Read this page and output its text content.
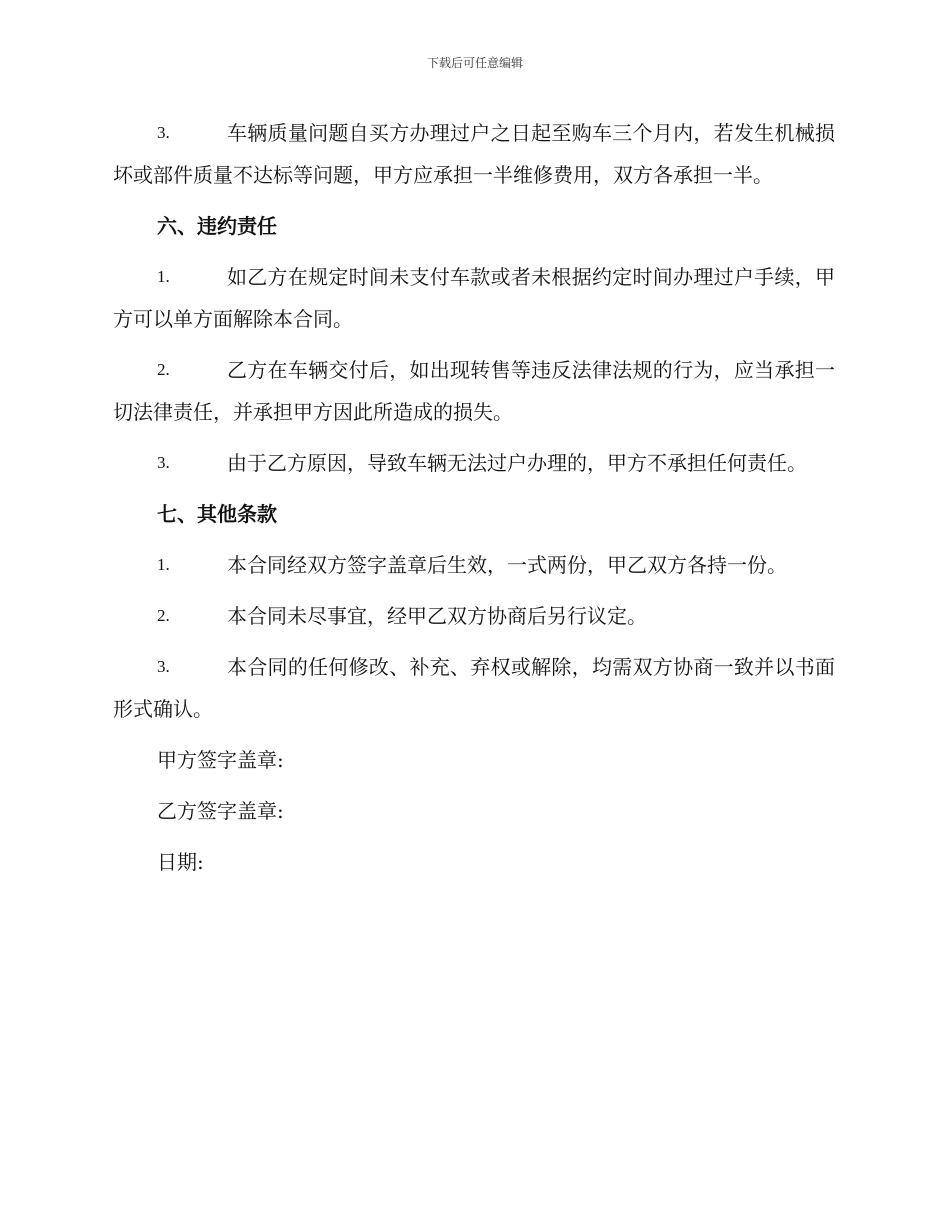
下载后可任意编辑
3.	车辆质量问题自买方办理过户之日起至购车三个月内，若发生机械损坏或部件质量不达标等问题，甲方应承担一半维修费用，双方各承担一半。
六、违约责任
1.	如乙方在规定时间未支付车款或者未根据约定时间办理过户手续，甲方可以单方面解除本合同。
2.	乙方在车辆交付后，如出现转售等违反法律法规的行为，应当承担一切法律责任，并承担甲方因此所造成的损失。
3.	由于乙方原因，导致车辆无法过户办理的，甲方不承担任何责任。
七、其他条款
1.	本合同经双方签字盖章后生效，一式两份，甲乙双方各持一份。
2.	本合同未尽事宜，经甲乙双方协商后另行议定。
3.	本合同的任何修改、补充、弃权或解除，均需双方协商一致并以书面形式确认。
甲方签字盖章:
乙方签字盖章:
日期:
